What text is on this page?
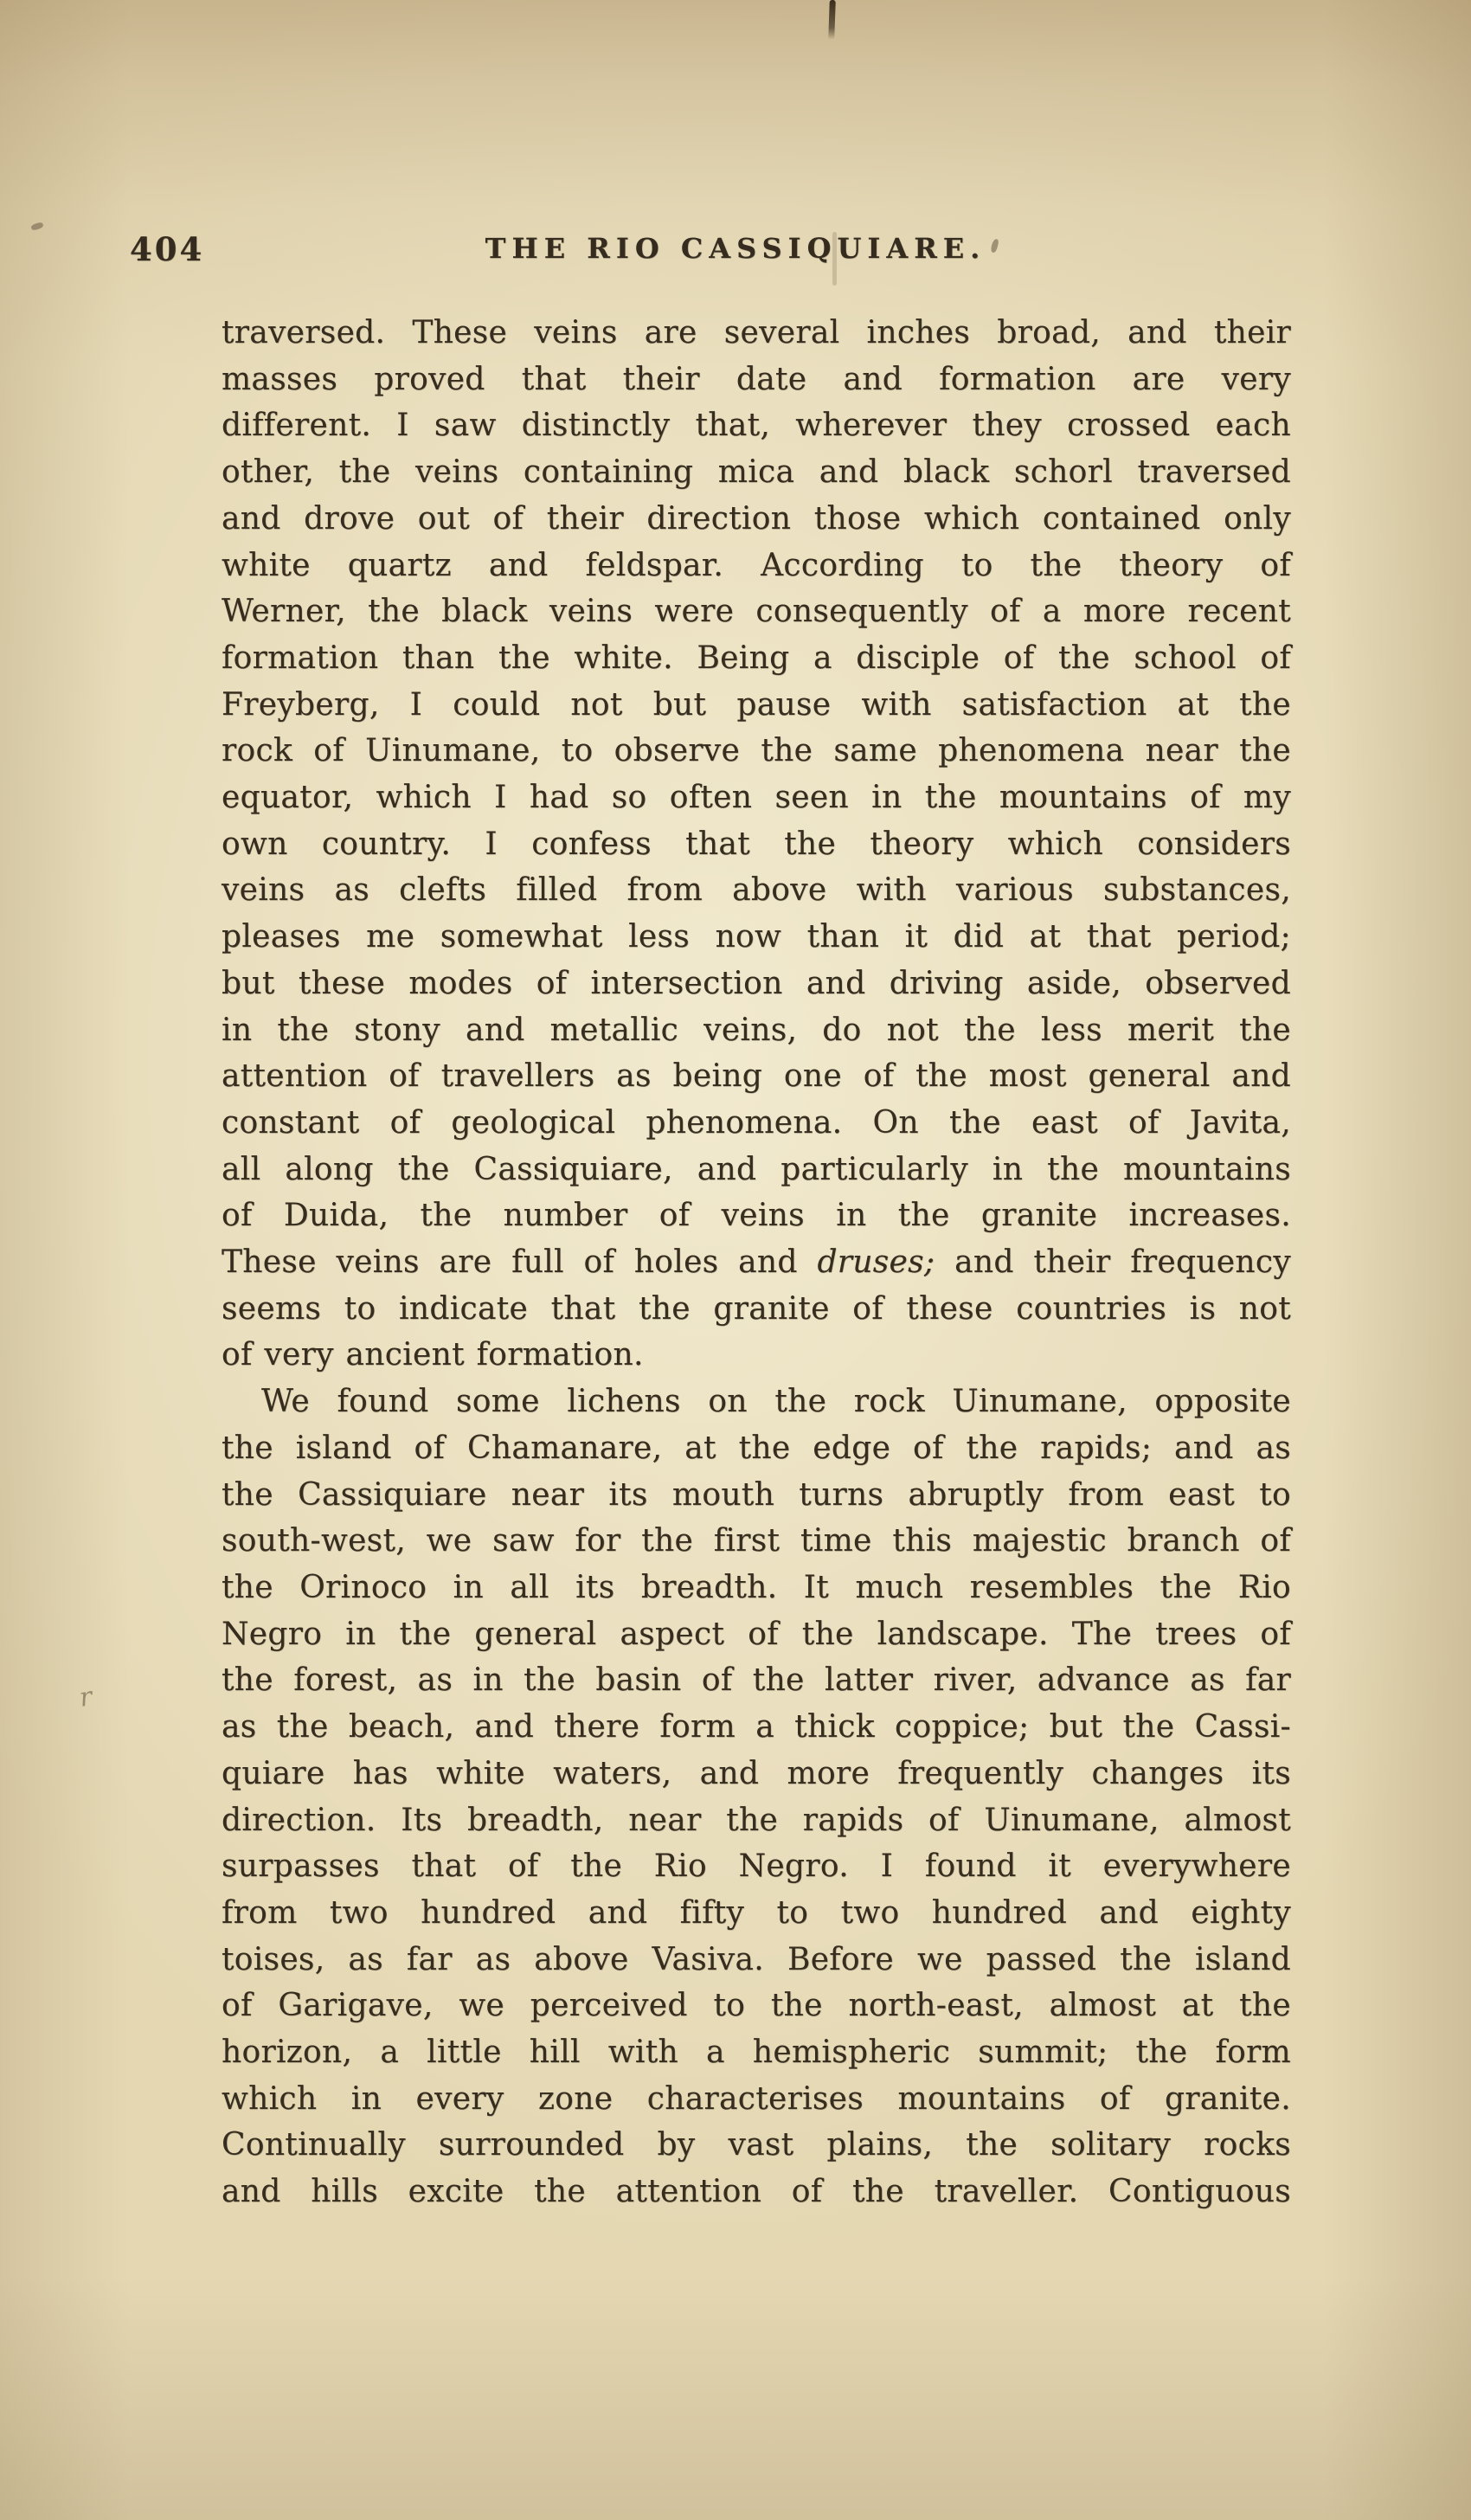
404	THE RIO CASSIQUIARE.
traversed. These veins are several inches broad, and their
masses proved that their date and formation are very
different. I saw distinctly that, wherever they crossed each
other, the veins containing mica and black schorl traversed
and drove out of their direction those which contained only
white quartz and feldspar. According to the theory of
Werner, the black veins were consequently of a more recent
formation than the white. Being a disciple of the school of
Freyberg, I could not but pause with satisfaction at the
rock of Uinumane, to observe the same phenomena near the
equator, which I had so often seen in the mountains of my
own country. I confess that the theory which considers
veins as clefts filled from above with various substances,
pleases me somewhat less now than it did at that period;
but these modes of intersection and driving aside, observed
in the stony and metallic veins, do not the less merit the
attention of travellers as being one of the most general and
constant of geological phenomena. On the east of Javita,
all along the Cassiquiare, and particularly in the mountains
of Duida, the number of veins in the granite increases.
These veins are full of holes and druses; and their frequency
seems to indicate that the granite of these countries is not
of very ancient formation.
We found some lichens on the rock Uinumane, opposite
the island of Chamanare, at the edge of the rapids; and as
the Cassiquiare near its mouth turns abruptly from east to
south-west, we saw for the first time this majestic branch of
the Orinoco in all its breadth. It much resembles the Rio
Negro in the general aspect of the landscape. The trees of
the forest, as in the basin of the latter river, advance as far
as the beach, and there form a thick coppice; but the Cassi-
quiare has white waters, and more frequently changes its
direction. Its breadth, near the rapids of Uinumane, almost
surpasses that of the Rio Negro. I found it everywhere
from two hundred and fifty to two hundred and eighty
toises, as far as above Vasiva. Before we passed the island
of Garigave, we perceived to the north-east, almost at the
horizon, a little hill with a hemispheric summit; the form
which in every zone characterises mountains of granite.
Continually surrounded by vast plains, the solitary rocks
and hills excite the attention of the traveller. Contiguous
r
